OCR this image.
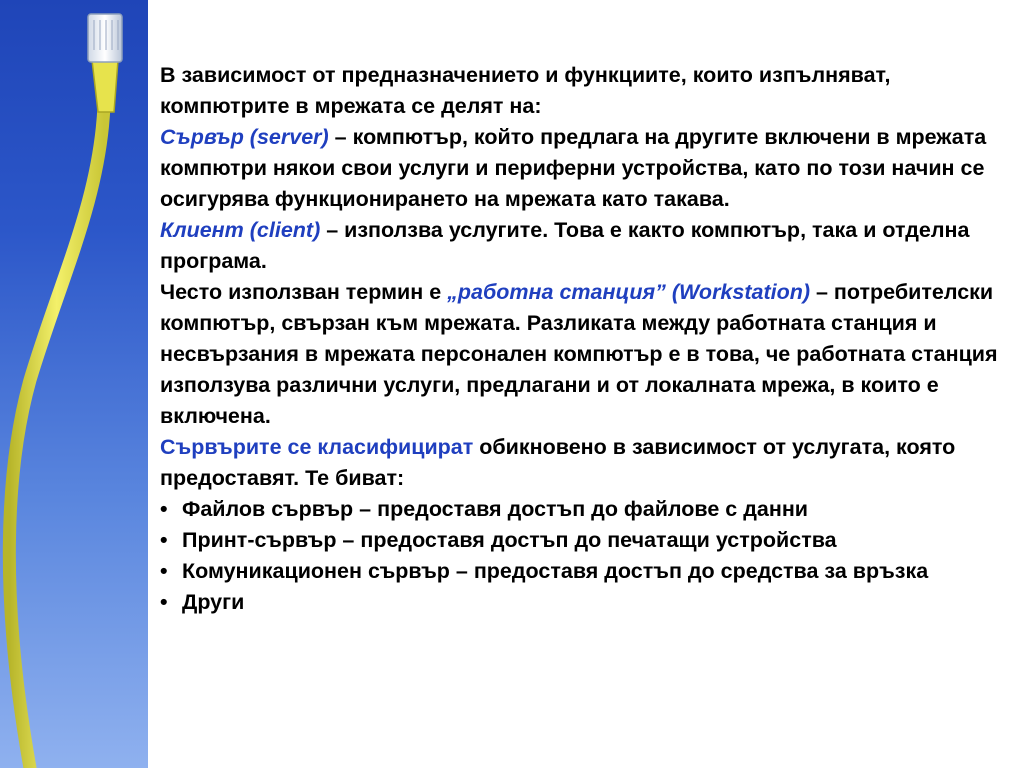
В зависимост от предназначението и функциите, които изпълняват, компютрите в мрежата се делят на:

Сървър (server) – компютър, който предлага на другите включени в мрежата компютри някои свои услуги и периферни устройства, като по този начин се осигурява функционирането на мрежата като такава.

Клиент (client) – използва услугите. Това е както компютър, така и отделна програма.

Често използван термин е „работна станция” (Workstation) – потребителски компютър, свързан към мрежата. Разликата между работната станция и несвързания в мрежата персонален компютър е в това, че работната станция използува различни услуги, предлагани и от локалната мрежа, в които е включена.

Сървърите се класифицират обикновено в зависимост от услугата, която предоставят. Те биват:

• Файлов сървър – предоставя достъп до файлове с данни
• Принт-сървър – предоставя достъп до печатащи устройства
• Комуникационен сървър – предоставя достъп до средства за връзка
• Други
